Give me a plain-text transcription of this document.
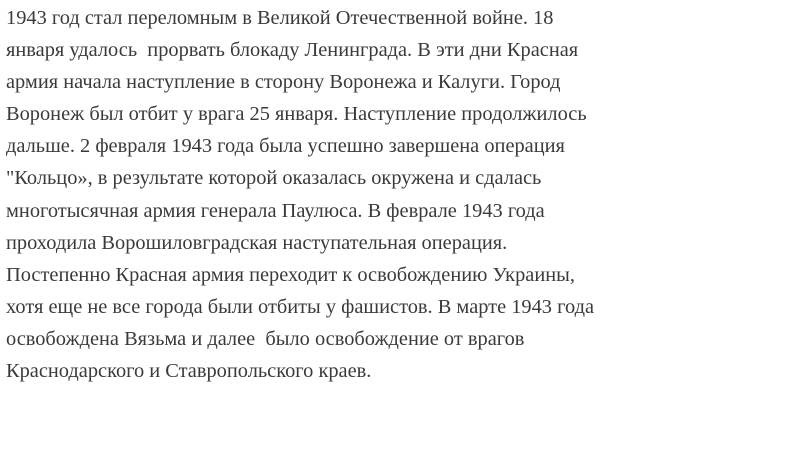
1943 год стал переломным в Великой Отечественной войне. 18
января удалось  прорвать блокаду Ленинграда. В эти дни Красная
армия начала наступление в сторону Воронежа и Калуги. Город
Воронеж был отбит у врага 25 января. Наступление продолжилось
дальше. 2 февраля 1943 года была успешно завершена операция
"Кольцо», в результате которой оказалась окружена и сдалась
многотысячная армия генерала Паулюса. В феврале 1943 года
проходила Ворошиловградская наступательная операция.
Постепенно Красная армия переходит к освобождению Украины,
хотя еще не все города были отбиты у фашистов. В марте 1943 года
освобождена Вязьма и далее  было освобождение от врагов
Краснодарского и Ставропольского краев.
